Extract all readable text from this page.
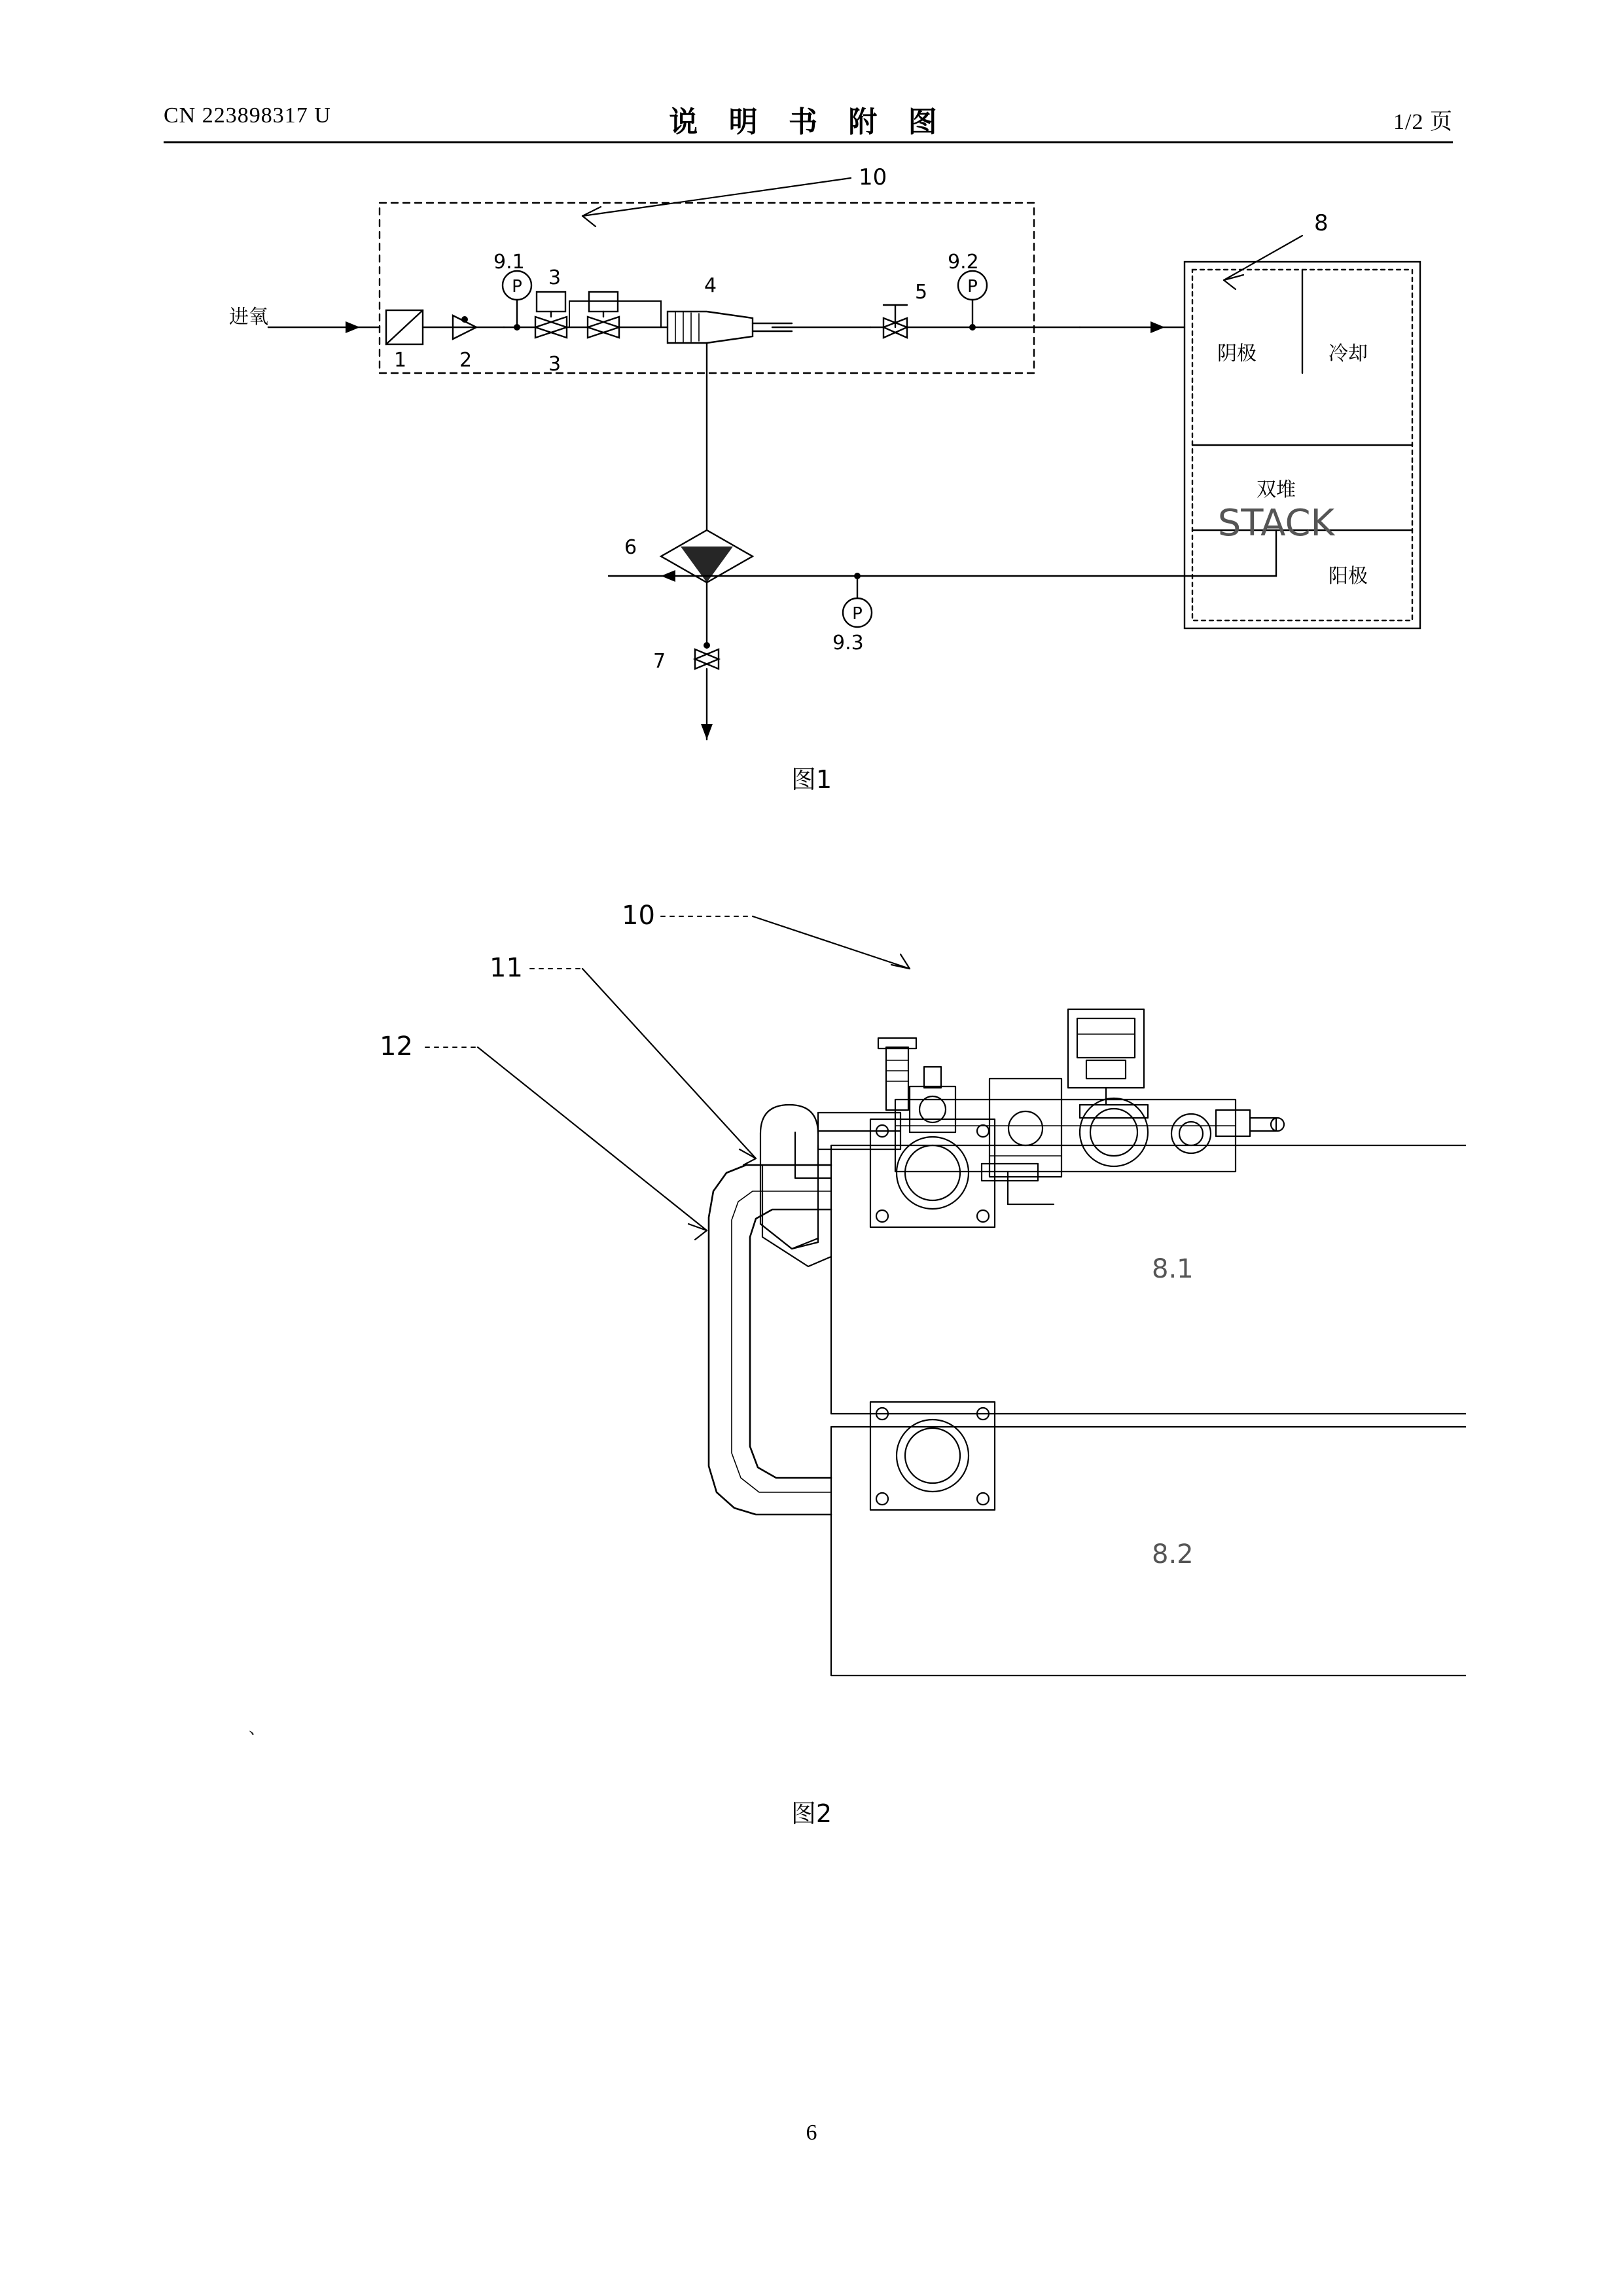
CN 223898317 U	说 明 书 附 图	1/2 页
P	P
P
进氧
10
8
1	2	3
3	4	5
6
7
9.1	9.2
9.3
阴极	冷却
双堆
STACK
阳极
图1
10
11
12
8.1
8.2
、
图2
6
